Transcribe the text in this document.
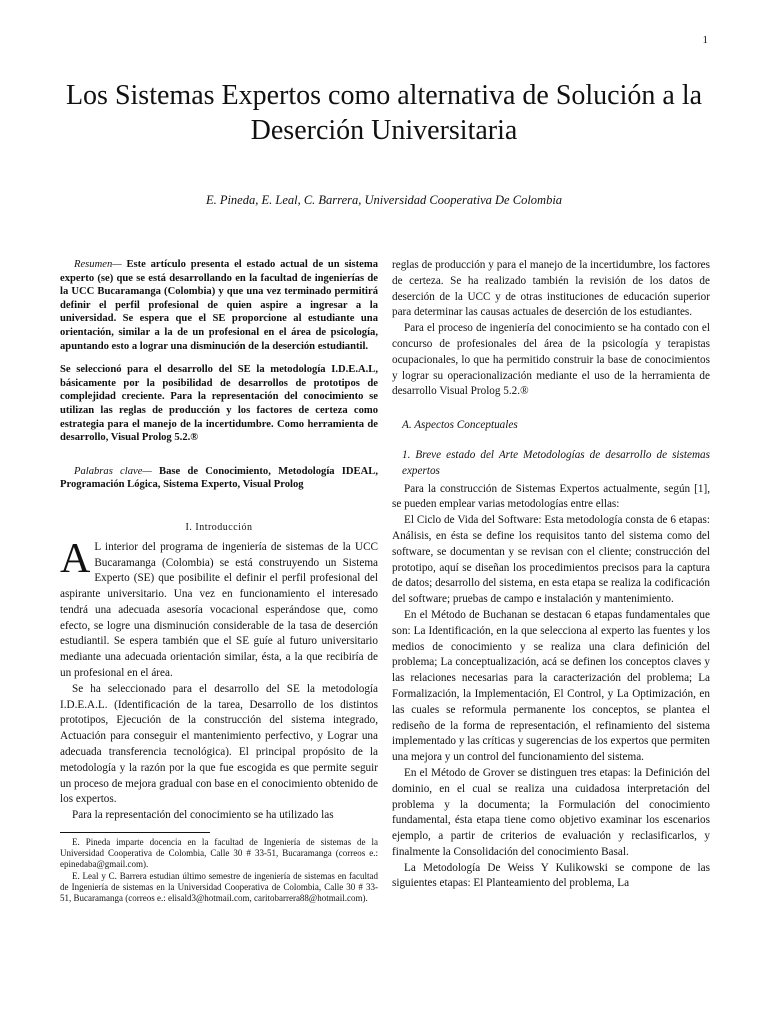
1
Los Sistemas Expertos como alternativa de Solución a la Deserción Universitaria
E. Pineda, E. Leal, C. Barrera, Universidad Cooperativa De Colombia

Resumen— Este artículo presenta el estado actual de un sistema experto (se) que se está desarrollando en la facultad de ingenierías de la UCC Bucaramanga (Colombia) y que una vez terminado permitirá definir el perfil profesional de quien aspire a ingresar a la universidad. Se espera que el SE proporcione al estudiante una orientación, similar a la de un profesional en el área de psicología, apuntando esto a lograr una disminución de la deserción estudiantil.

Se seleccionó para el desarrollo del SE la metodología I.D.E.A.L, básicamente por la posibilidad de desarrollos de prototipos de complejidad creciente. Para la representación del conocimiento se utilizan las reglas de producción y los factores de certeza como estrategia para el manejo de la incertidumbre. Como herramienta de desarrollo, Visual Prolog 5.2.®

Palabras clave— Base de Conocimiento, Metodología IDEAL, Programación Lógica, Sistema Experto, Visual Prolog

I. Introducción

A L interior del programa de ingeniería de sistemas de la UCC Bucaramanga (Colombia) se está construyendo un Sistema Experto (SE) que posibilite el definir el perfil profesional del aspirante universitario. Una vez en funcionamiento el interesado tendrá una adecuada asesoría vocacional esperándose que, como efecto, se logre una disminución considerable de la tasa de deserción estudiantil. Se espera también que el SE guíe al futuro universitario mediante una adecuada orientación similar, ésta, a la que recibiría de un profesional en el área.

Se ha seleccionado para el desarrollo del SE la metodología I.D.E.A.L. (Identificación de la tarea, Desarrollo de los distintos prototipos, Ejecución de la construcción del sistema integrado, Actuación para conseguir el mantenimiento perfectivo, y Lograr una adecuada transferencia tecnológica). El principal propósito de la metodología y la razón por la que fue escogida es que permite seguir un proceso de mejora gradual con base en el conocimiento obtenido de los expertos.

Para la representación del conocimiento se ha utilizado las

E. Pineda imparte docencia en la facultad de Ingeniería de sistemas de la Universidad Cooperativa de Colombia, Calle 30 # 33-51, Bucaramanga (correos e.: epinedaba@gmail.com).

E. Leal y C. Barrera estudian último semestre de ingeniería de sistemas en facultad de Ingeniería de sistemas en la Universidad Cooperativa de Colombia, Calle 30 # 33-51, Bucaramanga (correos e.: elisald3@hotmail.com, caritobarrera88@hotmail.com).

reglas de producción y para el manejo de la incertidumbre, los factores de certeza. Se ha realizado también la revisión de los datos de deserción de la UCC y de otras instituciones de educación superior para determinar las causas actuales de deserción de los estudiantes.

Para el proceso de ingeniería del conocimiento se ha contado con el concurso de profesionales del área de la psicología y terapistas ocupacionales, lo que ha permitido construir la base de conocimientos y lograr su operacionalización mediante el uso de la herramienta de desarrollo Visual Prolog 5.2.®

A. Aspectos Conceptuales

1. Breve estado del Arte Metodologías de desarrollo de sistemas expertos

Para la construcción de Sistemas Expertos actualmente, según [1], se pueden emplear varias metodologías entre ellas:

El Ciclo de Vida del Software: Esta metodología consta de 6 etapas: Análisis, en ésta se define los requisitos tanto del sistema como del software, se documentan y se revisan con el cliente; construcción del prototipo, aquí se diseñan los procedimientos precisos para la captura de datos; desarrollo del sistema, en esta etapa se realiza la codificación del software; pruebas de campo e instalación y mantenimiento.

En el Método de Buchanan se destacan 6 etapas fundamentales que son: La Identificación, en la que selecciona al experto las fuentes y los medios de conocimiento y se realiza una clara definición del problema; La conceptualización, acá se definen los conceptos claves y las relaciones necesarias para la caracterización del problema; La Formalización, la Implementación, El Control, y La Optimización, en las cuales se reformula permanente los conceptos, se plantea el rediseño de la forma de representación, el refinamiento del sistema implementado y las críticas y sugerencias de los expertos que permiten una mejora y un control del funcionamiento del sistema.

En el Método de Grover se distinguen tres etapas: la Definición del dominio, en el cual se realiza una cuidadosa interpretación del problema y la documenta; la Formulación del conocimiento fundamental, ésta etapa tiene como objetivo examinar los escenarios ejemplo, a partir de criterios de evaluación y reclasificarlos, y finalmente la Consolidación del conocimiento Basal.

La Metodología De Weiss Y Kulikowski se compone de las siguientes etapas: El Planteamiento del problema, La
